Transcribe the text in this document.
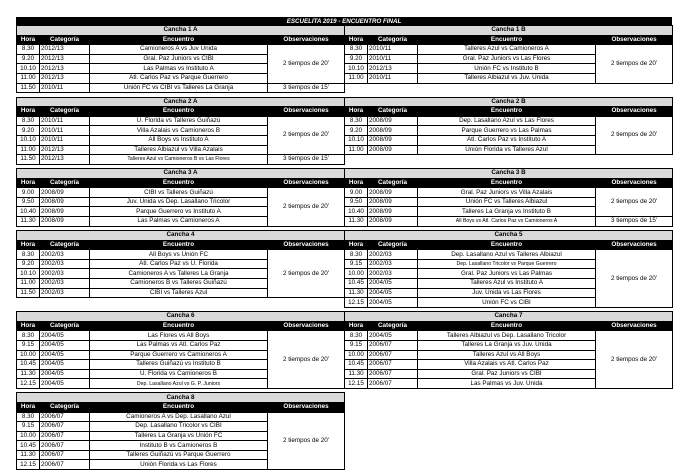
ESCUELITA 2019 - ENCUENTRO FINAL
Cancha 1 A			
Hora	Categoría	Encuentro	Observaciones
8.30	2012/13	Camioneros A vs Juv Unida	2 tiempos de 20'
9.20	2012/13	Gral. Paz Juniors vs CIBI	
10.10	2012/13	Las Palmas vs Instituto A	
11.00	2012/13	Atl. Carlos Paz vs Parque Guerrero	
11.50	2010/11	Unión FC vs CIBI vs Talleres La Granja	3 tiempos de 15'
Cancha 1 B			
Hora	Categoría	Encuentro	Observaciones
8.30	2010/11	Talleres Azul vs Camioneros A	2 tiempos de 20'
9.20	2010/11	Gral. Paz Juniors vs Las Flores	
10.10	2012/13	Unión FC vs Instituto B	
11.00	2010/11	Talleres Albiazul vs Juv. Unida	
Cancha 2 A			
Hora	Categoría	Encuentro	Observaciones
8.30	2010/11	U. Florida vs Talleres Guiñazú	2 tiempos de 20'
9.20	2010/11	Villa Azalais vs Camioneros B	
10.10	2010/11	All Boys vs Instituto A	
11.00	2012/13	Talleres Albiazul vs Villa Azalais	
11.50	2012/13	Talleres Azul vs Camioneros B vs Las Flores	3 tiempos de 15'
Cancha 2 B			
Hora	Categoría	Encuentro	Observaciones
8.30	2008/09	Dep. Lasallano Azul vs Las Flores	2 tiempos de 20'
9.20	2008/09	Parque Guerrero vs Las Palmas	
10.10	2008/09	Atl. Carlos Paz vs Instituto A	
11.00	2008/09	Unión Florida vs Talleres Azul	
Cancha 3 A			
Hora	Categoría	Encuentro	Observaciones
9.00	2008/09	CIBI vs Talleres Guiñazú	2 tiempos de 20'
9.50	2008/09	Juv. Unida vs Dep. Lasallano Tricolor	
10.40	2008/09	Parque Guerrero vs Instituto A	
11.30	2008/09	Las Palmas vs Camioneros A	
Cancha 3 B			
Hora	Categoría	Encuentro	Observaciones
9.00	2008/09	Gral. Paz Juniors vs Villa Azalais	2 tiempos de 20'
9.50	2008/09	Unión FC vs Talleres Albiazul	
10.40	2008/09	Talleres La Granja vs Instituto B	
11.30	2008/09	All Boys vs Atl. Carlos Paz vs Camioneros A	3 tiempos de 15'
Cancha 4			
Hora	Categoría	Encuentro	Observaciones
8.30	2002/03	All Boys vs Unión FC	2 tiempos de 20'
9.20	2002/03	Atl. Carlos Paz vs U. Florida	
10.10	2002/03	Camioneros A vs Talleres La Granja	
11.00	2002/03	Camioneros B vs Talleres Guiñazú	
11.50	2002/03	CIBI vs Talleres Azul	
Cancha 5			
Hora	Categoría	Encuentro	Observaciones
8.30	2002/03	Dep. Lasallano Azul vs Talleres Albiazul	2 tiempos de 20'
9.15	2002/03	Dep. Lasallano Tricolor vs Parque Guerrero	
10.00	2002/03	Gral. Paz Juniors vs Las Palmas	
10.45	2004/05	Talleres Azul vs Instituto A	
11.30	2004/05	Juv. Unida vs Las Flores	
12.15	2004/05	Unión FC vs CIBI	
Cancha 6			
Hora	Categoría	Encuentro	Observaciones
8.30	2004/05	Las Flores vs All Boys	2 tiempos de 20'
9.15	2004/05	Las Palmas vs Atl. Carlos Paz	
10.00	2004/05	Parque Guerrero vs Camioneros A	
10.45	2004/05	Talleres Guiñazú vs Instituto B	
11.30	2004/05	U. Florida vs Camioneros B	
12.15	2004/05	Dep. Lasallano Azul vs G. P. Juniors	
Cancha 7			
Hora	Categoría	Encuentro	Observaciones
8.30	2004/05	Talleres Albiazul vs Dep. Lasallano Tricolor	2 tiempos de 20'
9.15	2006/07	Talleres La Granja vs Juv. Unida	
10.00	2006/07	Talleres Azul vs All Boys	
10.45	2006/07	Villa Azalais vs Atl. Carlos Paz	
11.30	2006/07	Gral. Paz Juniors vs CIBI	
12.15	2006/07	Las Palmas vs Juv. Unida	
Cancha 8			
Hora	Categoría	Encuentro	Observaciones
8.30	2006/07	Camioneros A vs Dep. Lasallano Azul	2 tiempos de 20'
9.15	2006/07	Dep. Lasallano Tricolor vs CIBI	
10.00	2006/07	Talleres La Granja vs Unión FC	
10.45	2006/07	Instituto B vs Camioneros B	
11.30	2006/07	Talleres Guiñazú vs Parque Guerrero	
12.15	2006/07	Unión Florida vs Las Flores	
